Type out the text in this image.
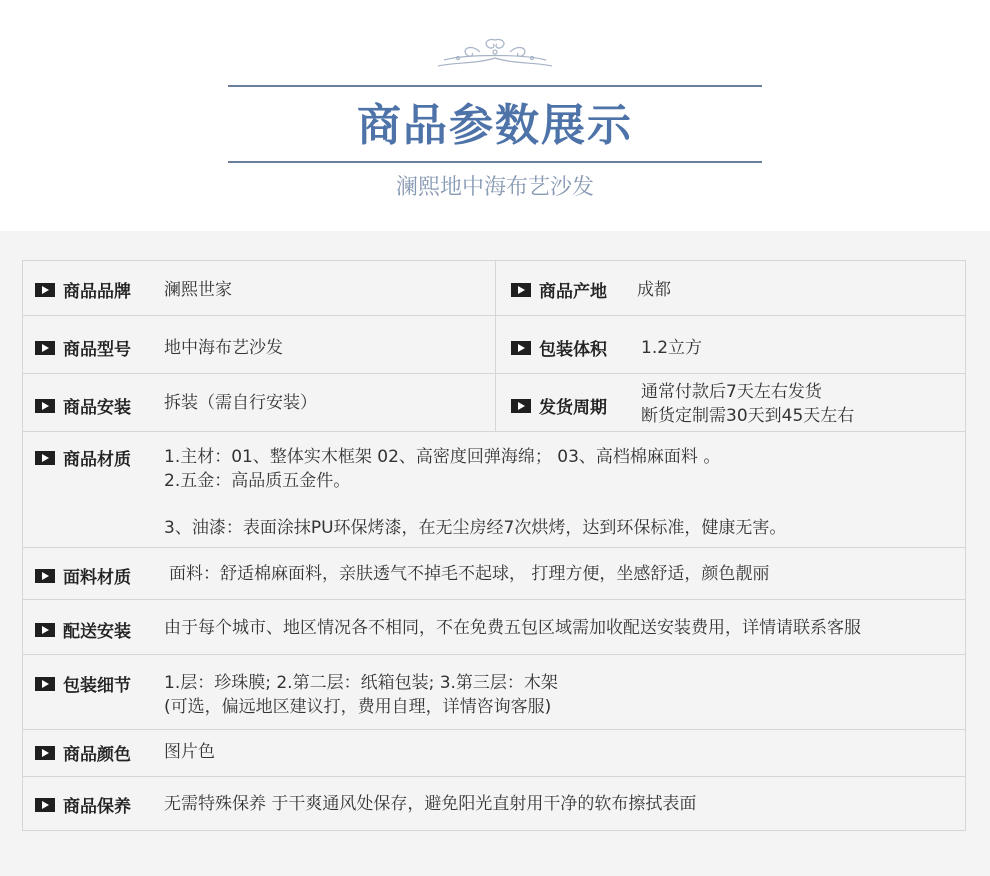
商品参数展示
澜熙地中海布艺沙发
商品品牌 澜熙世家	商品产地 成都
商品型号 地中海布艺沙发	包装体积 1.2立方
商品安装 拆装（需自行安装）	发货周期
通常付款后7天左右发货
断货定制需30天到45天左右
商品材质 1.主材：01、整体实木框架 02、高密度回弹海绵； 03、高档棉麻面料 。
2.五金：高品质五金件。
3、油漆：表面涂抹PU环保烤漆，在无尘房经7次烘烤，达到环保标准，健康无害。
面料材质 面料：舒适棉麻面料，亲肤透气不掉毛不起球， 打理方便，坐感舒适，颜色靓丽
配送安装 由于每个城市、地区情况各不相同，不在免费五包区域需加收配送安装费用，详情请联系客服
包装细节 1.层：珍珠膜; 2.第二层：纸箱包装; 3.第三层：木架
(可选，偏远地区建议打，费用自理，详情咨询客服)
商品颜色 图片色
商品保养 无需特殊保养 于干爽通风处保存，避免阳光直射用干净的软布擦拭表面
